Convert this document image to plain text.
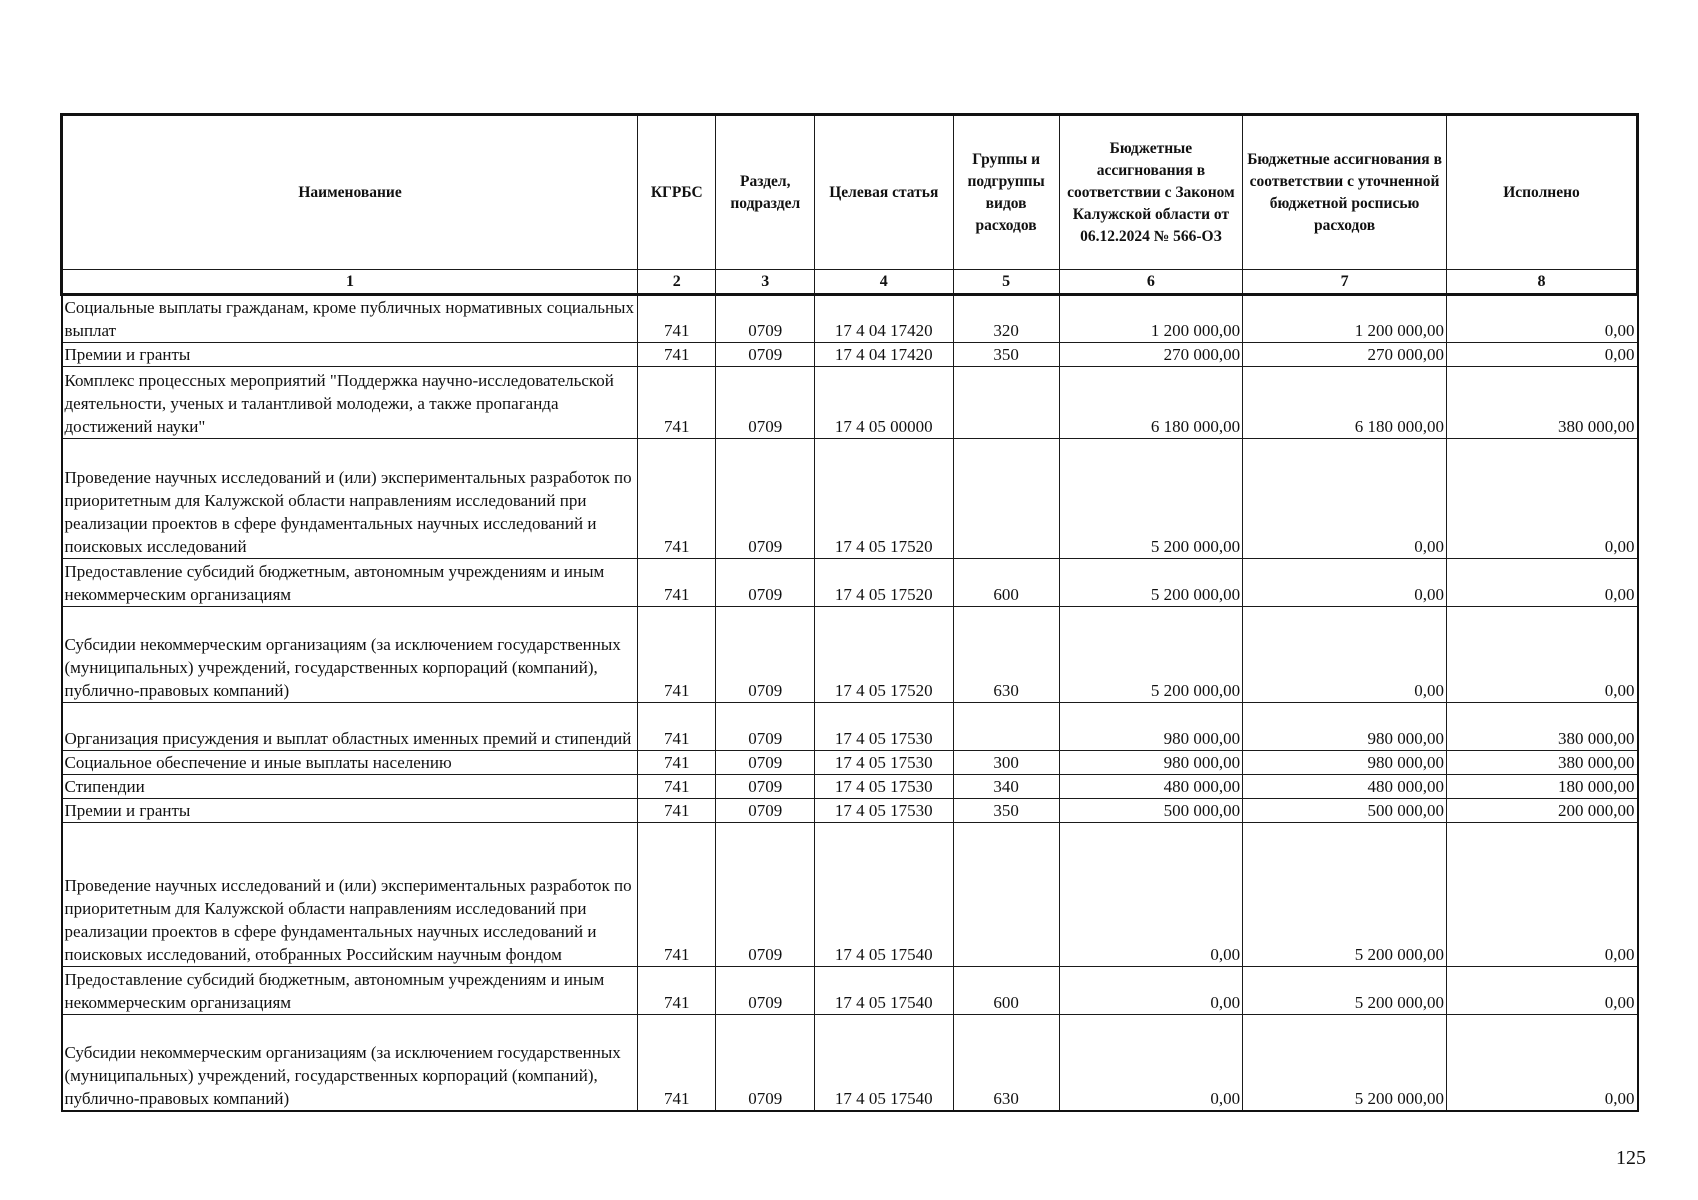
Наименование	КГРБС	Раздел, подраздел	Целевая статья	Группы и подгруппы видов расходов	Бюджетные ассигнования в соответствии с Законом Калужской области от 06.12.2024 № 566-ОЗ	Бюджетные ассигнования в соответствии с уточненной бюджетной росписью расходов	Исполнено
1	2	3	4	5	6	7	8
Социальные выплаты гражданам, кроме публичных нормативных социальных выплат	741	0709	17 4 04 17420	320	1 200 000,00	1 200 000,00	0,00
Премии и гранты	741	0709	17 4 04 17420	350	270 000,00	270 000,00	0,00
Комплекс процессных мероприятий "Поддержка научно-исследовательской деятельности, ученых и талантливой молодежи, а также пропаганда достижений науки"	741	0709	17 4 05 00000		6 180 000,00	6 180 000,00	380 000,00
Проведение научных исследований и (или) экспериментальных разработок по приоритетным для Калужской области направлениям исследований при реализации проектов в сфере фундаментальных научных исследований и поисковых исследований	741	0709	17 4 05 17520		5 200 000,00	0,00	0,00
Предоставление субсидий бюджетным, автономным учреждениям и иным некоммерческим организациям	741	0709	17 4 05 17520	600	5 200 000,00	0,00	0,00
Субсидии некоммерческим организациям (за исключением государственных (муниципальных) учреждений, государственных корпораций (компаний), публично-правовых компаний)	741	0709	17 4 05 17520	630	5 200 000,00	0,00	0,00
Организация присуждения и выплат областных именных премий и стипендий	741	0709	17 4 05 17530		980 000,00	980 000,00	380 000,00
Социальное обеспечение и иные выплаты населению	741	0709	17 4 05 17530	300	980 000,00	980 000,00	380 000,00
Стипендии	741	0709	17 4 05 17530	340	480 000,00	480 000,00	180 000,00
Премии и гранты	741	0709	17 4 05 17530	350	500 000,00	500 000,00	200 000,00
Проведение научных исследований и (или) экспериментальных разработок по приоритетным для Калужской области направлениям исследований при реализации проектов в сфере фундаментальных научных исследований и поисковых исследований, отобранных Российским научным фондом	741	0709	17 4 05 17540		0,00	5 200 000,00	0,00
Предоставление субсидий бюджетным, автономным учреждениям и иным некоммерческим организациям	741	0709	17 4 05 17540	600	0,00	5 200 000,00	0,00
Субсидии некоммерческим организациям (за исключением государственных (муниципальных) учреждений, государственных корпораций (компаний), публично-правовых компаний)	741	0709	17 4 05 17540	630	0,00	5 200 000,00	0,00
125
